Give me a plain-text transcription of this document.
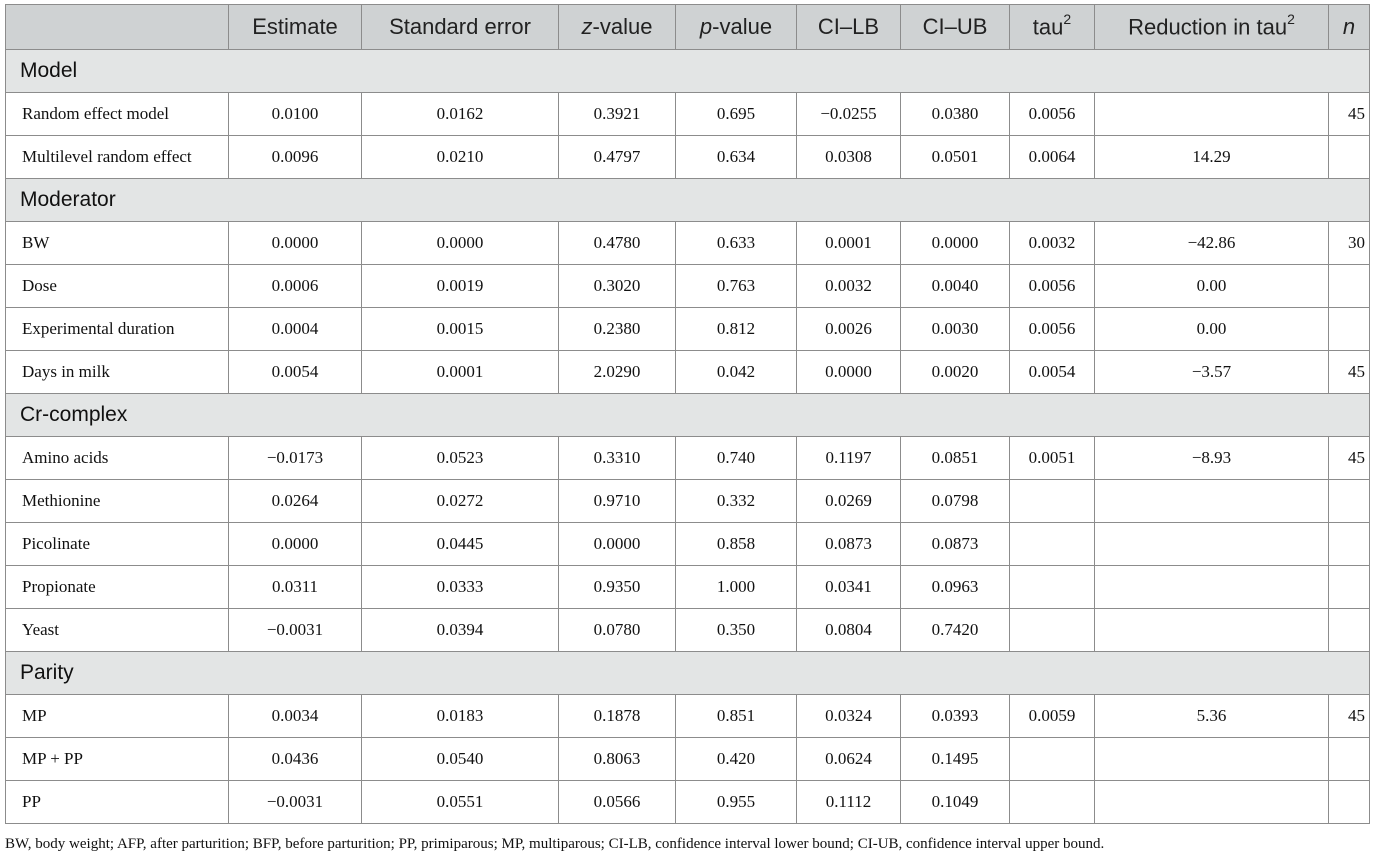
	Estimate	Standard error	z-value	p-value	CI–LB	CI–UB	tau$^2$	Reduction in tau$^2$	n
Model									
Random effect model	0.0100	0.0162	0.3921	0.695	−0.0255	0.0380	0.0056		45
Multilevel random effect	0.0096	0.0210	0.4797	0.634	0.0308	0.0501	0.0064	14.29	
Moderator									
BW	0.0000	0.0000	0.4780	0.633	0.0001	0.0000	0.0032	−42.86	30
Dose	0.0006	0.0019	0.3020	0.763	0.0032	0.0040	0.0056	0.00	
Experimental duration	0.0004	0.0015	0.2380	0.812	0.0026	0.0030	0.0056	0.00	
Days in milk	0.0054	0.0001	2.0290	0.042	0.0000	0.0020	0.0054	−3.57	45
Cr-complex									
Amino acids	−0.0173	0.0523	0.3310	0.740	0.1197	0.0851	0.0051	−8.93	45
Methionine	0.0264	0.0272	0.9710	0.332	0.0269	0.0798			
Picolinate	0.0000	0.0445	0.0000	0.858	0.0873	0.0873			
Propionate	0.0311	0.0333	0.9350	1.000	0.0341	0.0963			
Yeast	−0.0031	0.0394	0.0780	0.350	0.0804	0.7420			
Parity									
MP	0.0034	0.0183	0.1878	0.851	0.0324	0.0393	0.0059	5.36	45
MP + PP	0.0436	0.0540	0.8063	0.420	0.0624	0.1495			
PP	−0.0031	0.0551	0.0566	0.955	0.1112	0.1049			
BW, body weight; AFP, after parturition; BFP, before parturition; PP, primiparous; MP, multiparous; CI-LB, confidence interval lower bound; CI-UB, confidence interval upper bound.
